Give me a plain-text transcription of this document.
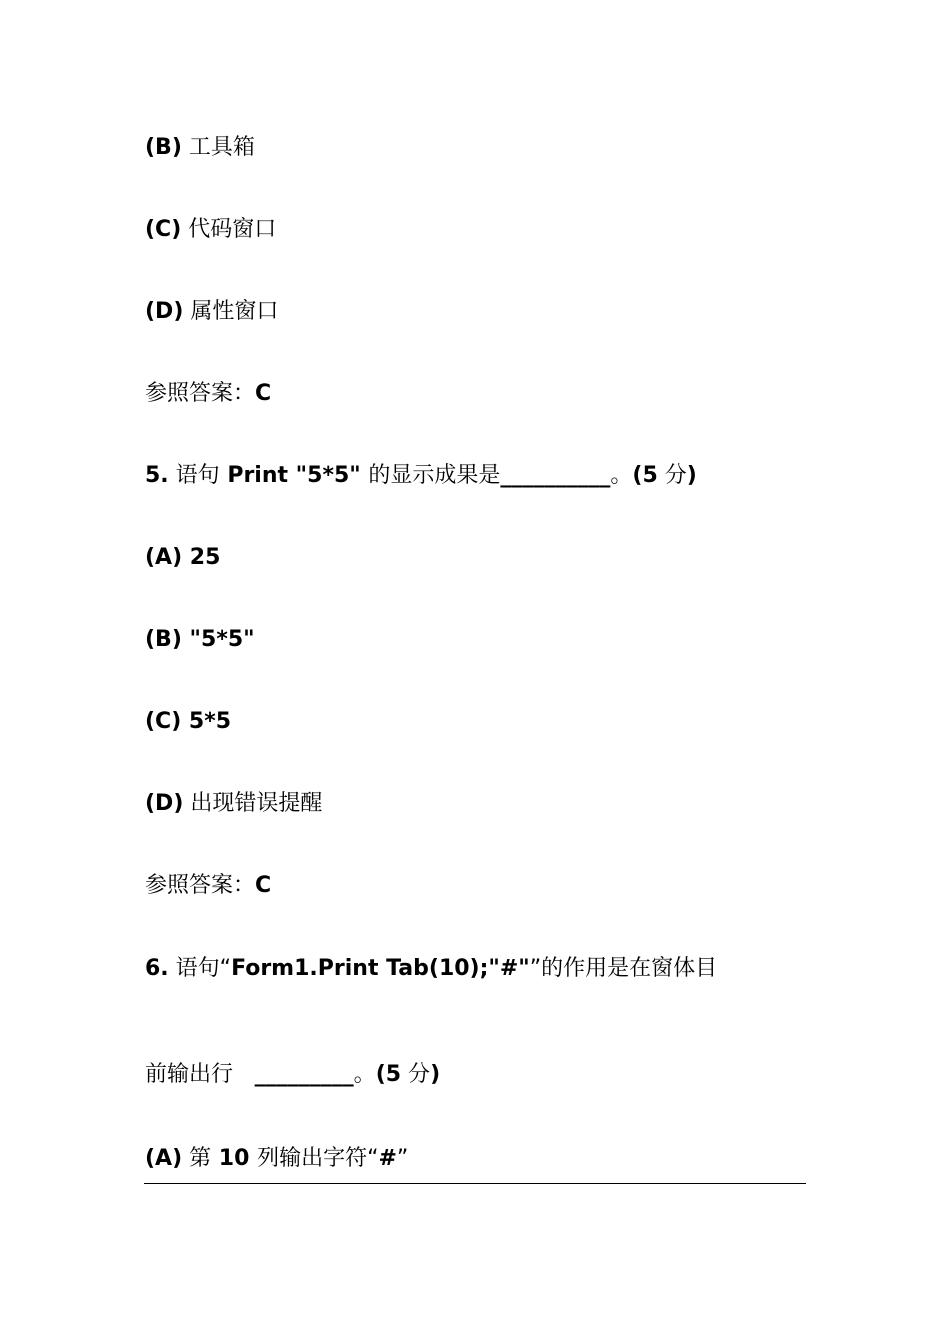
(B) 工具箱
(C) 代码窗口
(D) 属性窗口
参照答案：C
5. 语句 Print "5*5" 的显示成果是__________。(5 分)
(A) 25
(B) "5*5"
(C) 5*5
(D) 出现错误提醒
参照答案：C
6. 语句“Form1.Print Tab(10);"#"”的作用是在窗体目
前输出行   _________。(5 分)
(A) 第 10 列输出字符“#”
